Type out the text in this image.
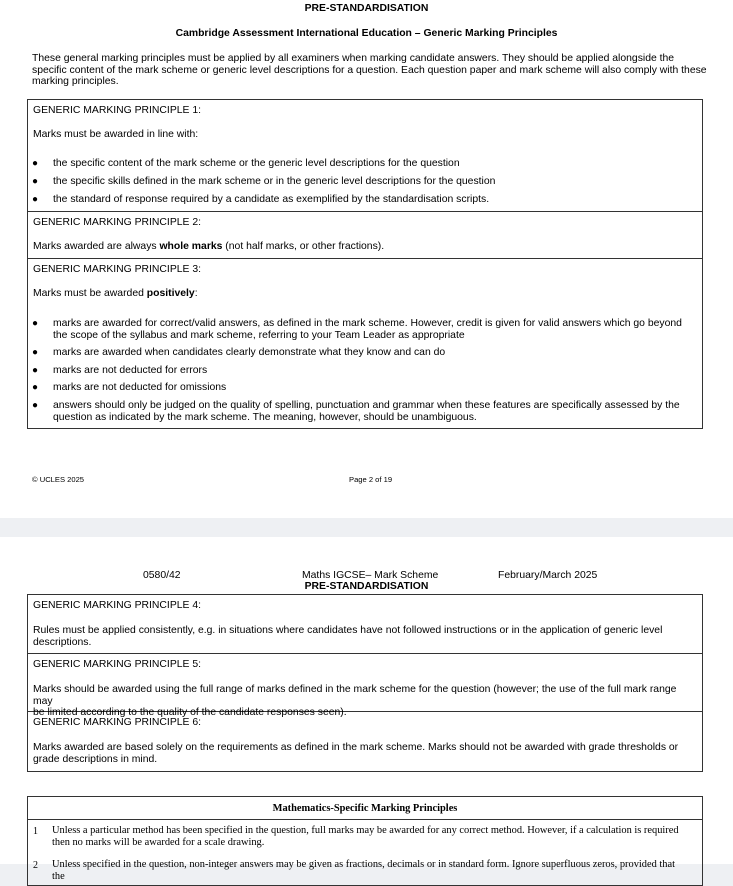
PRE-STANDARDISATION
Cambridge Assessment International Education – Generic Marking Principles
These general marking principles must be applied by all examiners when marking candidate answers. They should be applied alongside the
specific content of the mark scheme or generic level descriptions for a question. Each question paper and mark scheme will also comply with these
marking principles.
GENERIC MARKING PRINCIPLE 1:
Marks must be awarded in line with:
●	the specific content of the mark scheme or the generic level descriptions for the question
●	the specific skills defined in the mark scheme or in the generic level descriptions for the question
●	the standard of response required by a candidate as exemplified by the standardisation scripts.
GENERIC MARKING PRINCIPLE 2:
Marks awarded are always whole marks (not half marks, or other fractions).
GENERIC MARKING PRINCIPLE 3:
Marks must be awarded positively:
●	marks are awarded for correct/valid answers, as defined in the mark scheme. However, credit is given for valid answers which go beyond
the scope of the syllabus and mark scheme, referring to your Team Leader as appropriate
●	marks are awarded when candidates clearly demonstrate what they know and can do
●	marks are not deducted for errors
●	marks are not deducted for omissions
●	answers should only be judged on the quality of spelling, punctuation and grammar when these features are specifically assessed by the
question as indicated by the mark scheme. The meaning, however, should be unambiguous.
© UCLES 2025	Page 2 of 19
0580/42	Maths IGCSE– Mark Scheme	February/March 2025
PRE-STANDARDISATION
GENERIC MARKING PRINCIPLE 4:
Rules must be applied consistently, e.g. in situations where candidates have not followed instructions or in the application of generic level
descriptions.
GENERIC MARKING PRINCIPLE 5:
Marks should be awarded using the full range of marks defined in the mark scheme for the question (however; the use of the full mark range may
be limited according to the quality of the candidate responses seen).
GENERIC MARKING PRINCIPLE 6:
Marks awarded are based solely on the requirements as defined in the mark scheme. Marks should not be awarded with grade thresholds or
grade descriptions in mind.
Mathematics-Specific Marking Principles
1 Unless a particular method has been specified in the question, full marks may be awarded for any correct method. However, if a calculation is required
then no marks will be awarded for a scale drawing.
2 Unless specified in the question, non-integer answers may be given as fractions, decimals or in standard form. Ignore superfluous zeros, provided that the
